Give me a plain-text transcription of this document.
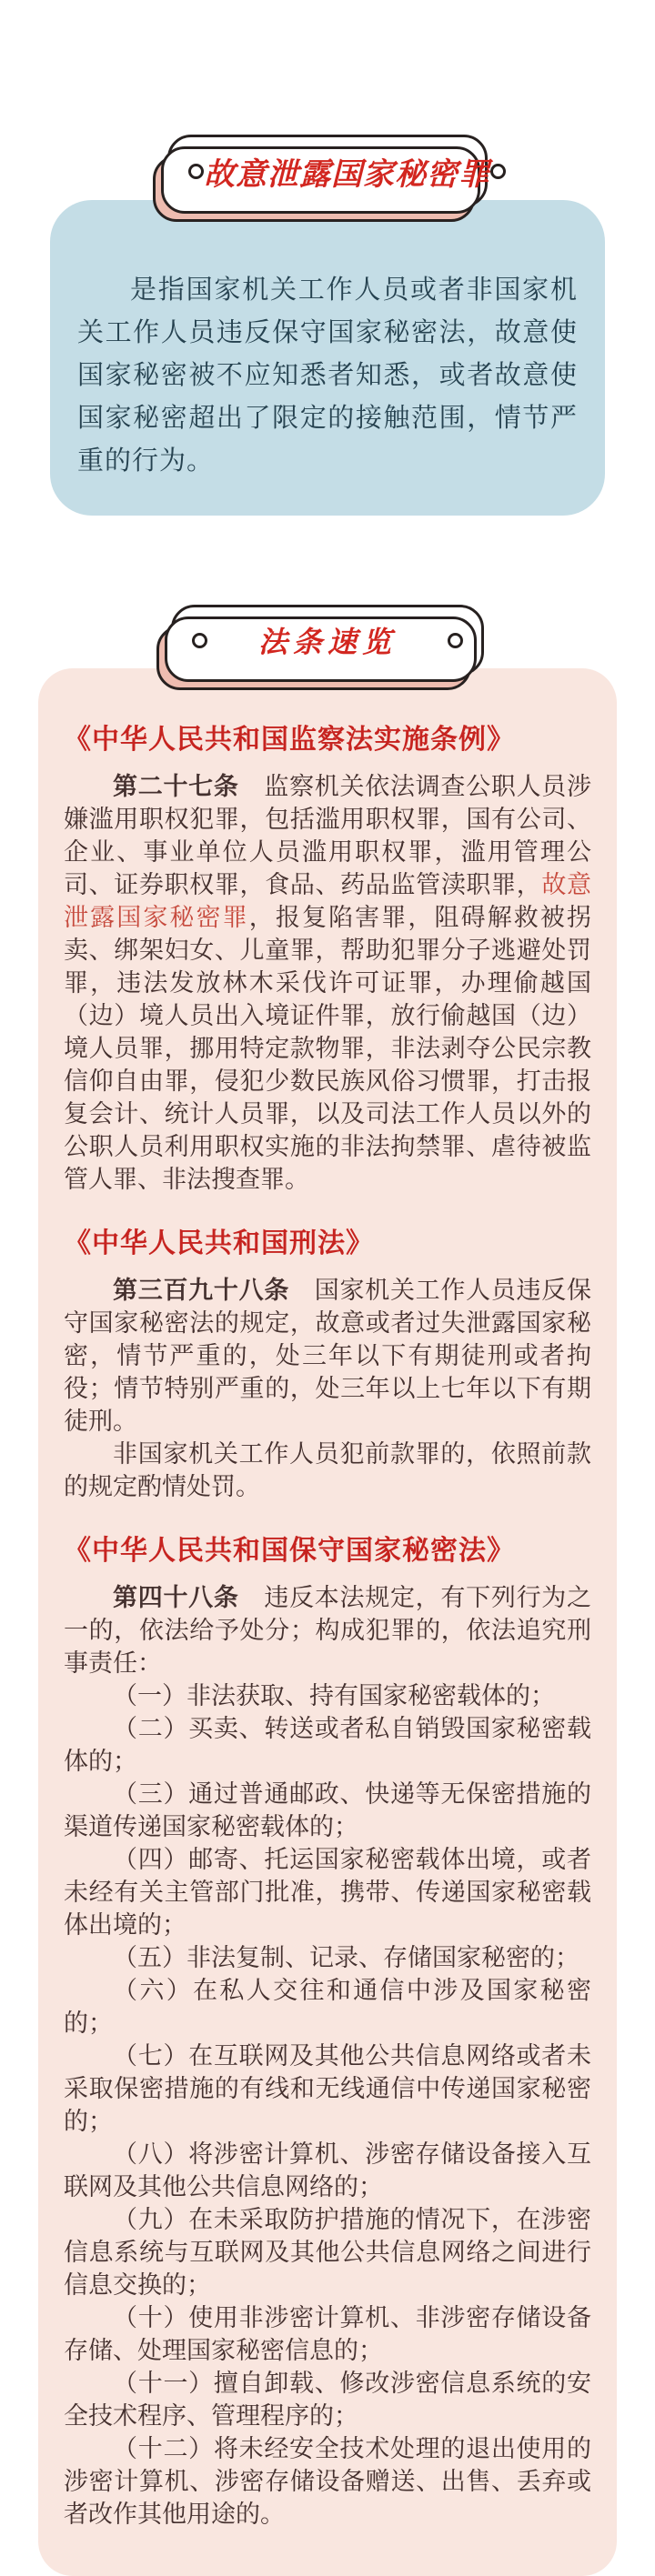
故意泄露国家秘密罪

是指国家机关工作人员或者非国家机关工作人员违反保守国家秘密法，故意使国家秘密被不应知悉者知悉，或者故意使国家秘密超出了限定的接触范围，情节严重的行为。

法条速览
《中华人民共和国监察法实施条例》

第二十七条　监察机关依法调查公职人员涉嫌滥用职权犯罪，包括滥用职权罪，国有公司、企业、事业单位人员滥用职权罪，滥用管理公司、证券职权罪，食品、药品监管渎职罪，故意泄露国家秘密罪，报复陷害罪，阻碍解救被拐卖、绑架妇女、儿童罪，帮助犯罪分子逃避处罚罪，违法发放林木采伐许可证罪，办理偷越国（边）境人员出入境证件罪，放行偷越国（边）境人员罪，挪用特定款物罪，非法剥夺公民宗教信仰自由罪，侵犯少数民族风俗习惯罪，打击报复会计、统计人员罪，以及司法工作人员以外的公职人员利用职权实施的非法拘禁罪、虐待被监管人罪、非法搜查罪。

《中华人民共和国刑法》

第三百九十八条　国家机关工作人员违反保守国家秘密法的规定，故意或者过失泄露国家秘密，情节严重的，处三年以下有期徒刑或者拘役；情节特别严重的，处三年以上七年以下有期徒刑。

非国家机关工作人员犯前款罪的，依照前款的规定酌情处罚。

《中华人民共和国保守国家秘密法》

第四十八条　违反本法规定，有下列行为之一的，依法给予处分；构成犯罪的，依法追究刑事责任：

（一）非法获取、持有国家秘密载体的；

（二）买卖、转送或者私自销毁国家秘密载体的；

（三）通过普通邮政、快递等无保密措施的渠道传递国家秘密载体的；

（四）邮寄、托运国家秘密载体出境，或者未经有关主管部门批准，携带、传递国家秘密载体出境的；

（五）非法复制、记录、存储国家秘密的；

（六）在私人交往和通信中涉及国家秘密的；

（七）在互联网及其他公共信息网络或者未采取保密措施的有线和无线通信中传递国家秘密的；

（八）将涉密计算机、涉密存储设备接入互联网及其他公共信息网络的；

（九）在未采取防护措施的情况下，在涉密信息系统与互联网及其他公共信息网络之间进行信息交换的；

（十）使用非涉密计算机、非涉密存储设备存储、处理国家秘密信息的；

（十一）擅自卸载、修改涉密信息系统的安全技术程序、管理程序的；

（十二）将未经安全技术处理的退出使用的涉密计算机、涉密存储设备赠送、出售、丢弃或者改作其他用途的。
